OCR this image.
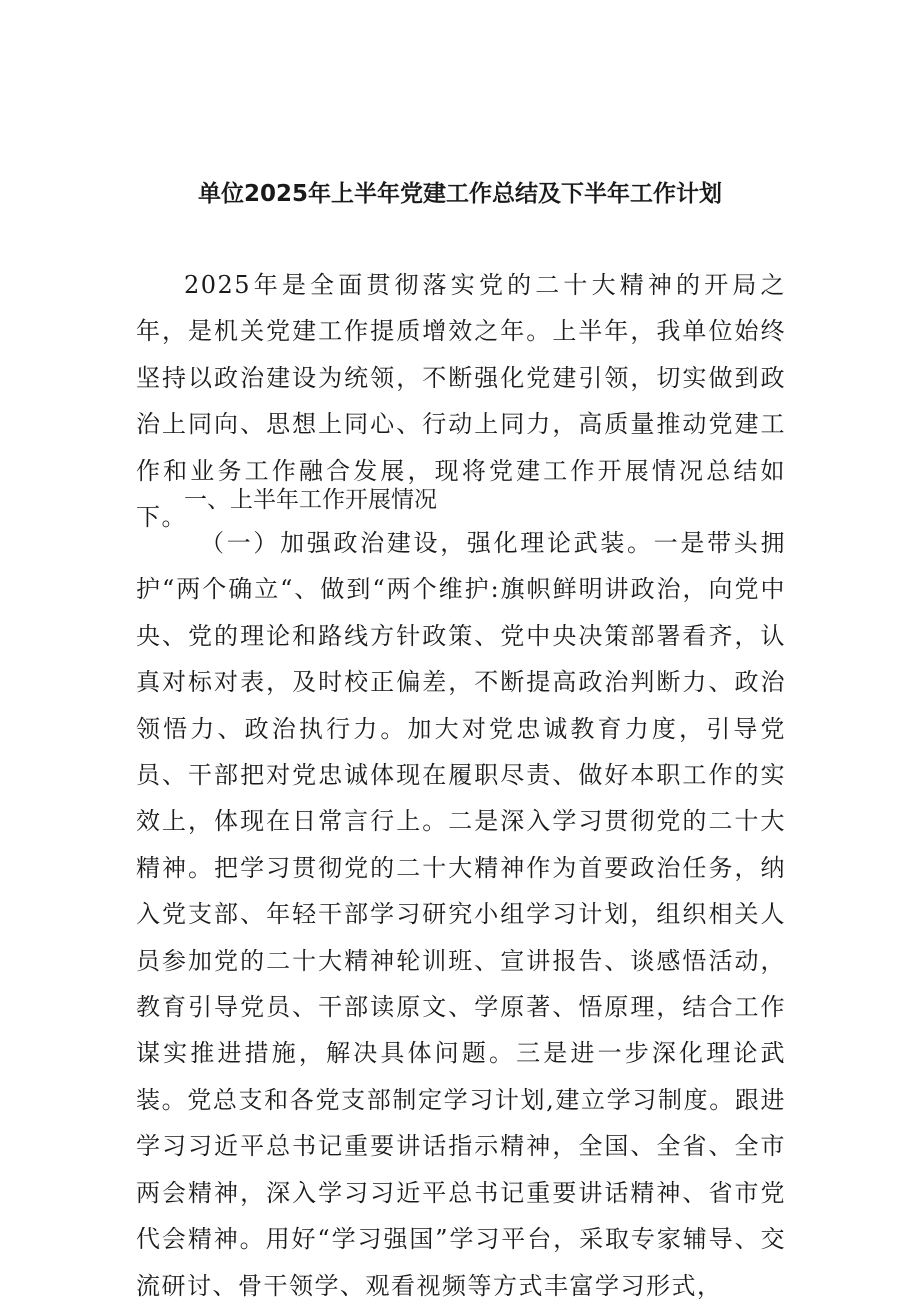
单位2025年上半年党建工作总结及下半年工作计划

2025年是全面贯彻落实党的二十大精神的开局之年，是机关党建工作提质增效之年。上半年，我单位始终坚持以政治建设为统领，不断强化党建引领，切实做到政治上同向、思想上同心、行动上同力，高质量推动党建工作和业务工作融合发展，现将党建工作开展情况总结如下。

一、上半年工作开展情况

（一）加强政治建设，强化理论武装。一是带头拥护“两个确立“、做到“两个维护:旗帜鲜明讲政治，向党中央、党的理论和路线方针政策、党中央决策部署看齐，认真对标对表，及时校正偏差，不断提高政治判断力、政治领悟力、政治执行力。加大对党忠诚教育力度，引导党员、干部把对党忠诚体现在履职尽责、做好本职工作的实效上，体现在日常言行上。二是深入学习贯彻党的二十大精神。把学习贯彻党的二十大精神作为首要政治任务，纳入党支部、年轻干部学习研究小组学习计划，组织相关人员参加党的二十大精神轮训班、宣讲报告、谈感悟活动，教育引导党员、干部读原文、学原著、悟原理，结合工作谋实推进措施，解决具体问题。三是进一步深化理论武装。党总支和各党支部制定学习计划,建立学习制度。跟进学习习近平总书记重要讲话指示精神，全国、全省、全市两会精神，深入学习习近平总书记重要讲话精神、省市党代会精神。用好“学习强国”学习平台，采取专家辅导、交流研讨、骨干领学、观看视频等方式丰富学习形式，
